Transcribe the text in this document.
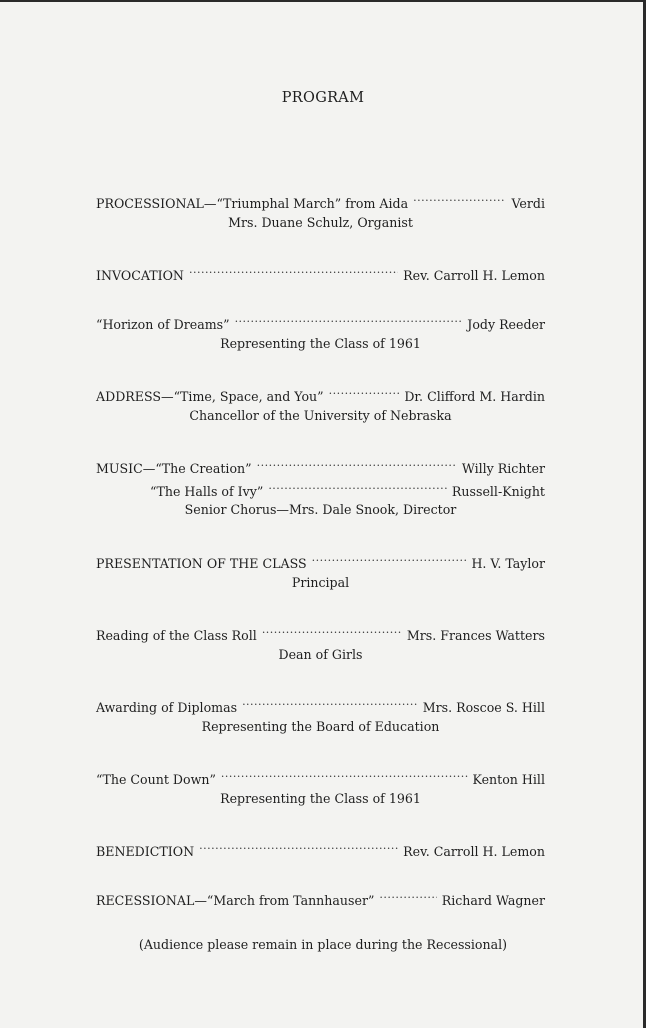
PROGRAM
PROCESSIONAL—“Triumphal March” from Aida .....	Verdi
Mrs. Duane Schulz, Organist
INVOCATION .....	Rev. Carroll H. Lemon
“Horizon of Dreams” .....	Jody Reeder
Representing the Class of 1961
ADDRESS—“Time, Space, and You” .....	Dr. Clifford M. Hardin
Chancellor of the University of Nebraska
MUSIC—“The Creation” .....	Willy Richter
“The Halls of Ivy” .....	Russell-Knight
Senior Chorus—Mrs. Dale Snook, Director
PRESENTATION OF THE CLASS .....	H. V. Taylor
Principal
Reading of the Class Roll .....	Mrs. Frances Watters
Dean of Girls
Awarding of Diplomas .....	Mrs. Roscoe S. Hill
Representing the Board of Education
“The Count Down” .....	Kenton Hill
Representing the Class of 1961
BENEDICTION .....	Rev. Carroll H. Lemon
RECESSIONAL—“March from Tannhauser” .....	Richard Wagner
(Audience please remain in place during the Recessional)
